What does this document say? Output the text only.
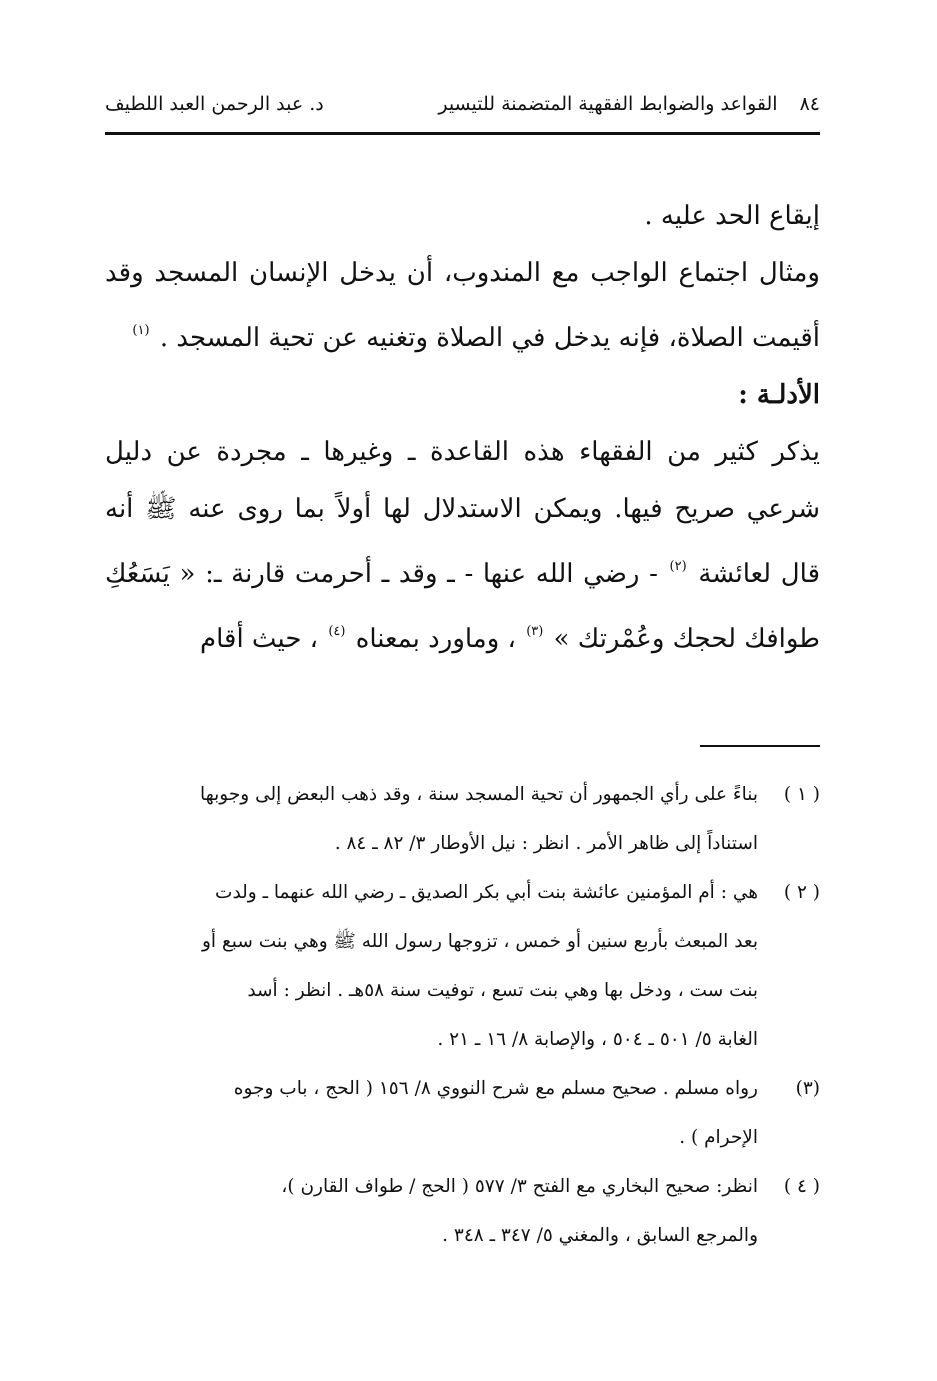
٨٤
القواعد والضوابط الفقهية المتضمنة للتيسير
د. عبد الرحمن العبد اللطيف

إيقاع الحد عليه .

ومثال اجتماع الواجب مع المندوب، أن يدخل الإنسان المسجد وقد أقيمت الصلاة، فإنه يدخل في الصلاة وتغنيه عن تحية المسجد . $^{(١)}$

الأدلـة :

يذكر كثير من الفقهاء هذه القاعدة ـ وغيرها ـ مجردة عن دليل شرعي صريح فيها. ويمكن الاستدلال لها أولاً بما روى عنه ﷺ أنه قال لعائشة $^{(٢)}$ - رضي الله عنها - ـ وقد ـ أحرمت قارنة ـ: « يَسَعُكِ طوافك لحجك وعُمْرتك » $^{(٣)}$ ، وماورد بمعناه $^{(٤)}$ ، حيث أقام

( ١ )

بناءً على رأي الجمهور أن تحية المسجد سنة ، وقد ذهب البعض إلى وجوبها

استناداً إلى ظاهر الأمر . انظر : نيل الأوطار ٣/ ٨٢ ـ ٨٤ .

( ٢ )

هي : أم المؤمنين عائشة بنت أبي بكر الصديق ـ رضي الله عنهما ـ ولدت

بعد المبعث بأربع سنين أو خمس ، تزوجها رسول الله ﷺ وهي بنت سبع أو

بنت ست ، ودخل بها وهي بنت تسع ، توفيت سنة ٥٨هـ . انظر : أسد

الغابة ٥/ ٥٠١ ـ ٥٠٤ ، والإصابة ٨/ ١٦ ـ ٢١ .

(٣)

رواه مسلم . صحيح مسلم مع شرح النووي ٨/ ١٥٦ ( الحج ، باب وجوه

الإحرام ) .

( ٤ )

انظر: صحيح البخاري مع الفتح ٣/ ٥٧٧ ( الحج / طواف القارن )،

والمرجع السابق ، والمغني ٥/ ٣٤٧ ـ ٣٤٨ .
